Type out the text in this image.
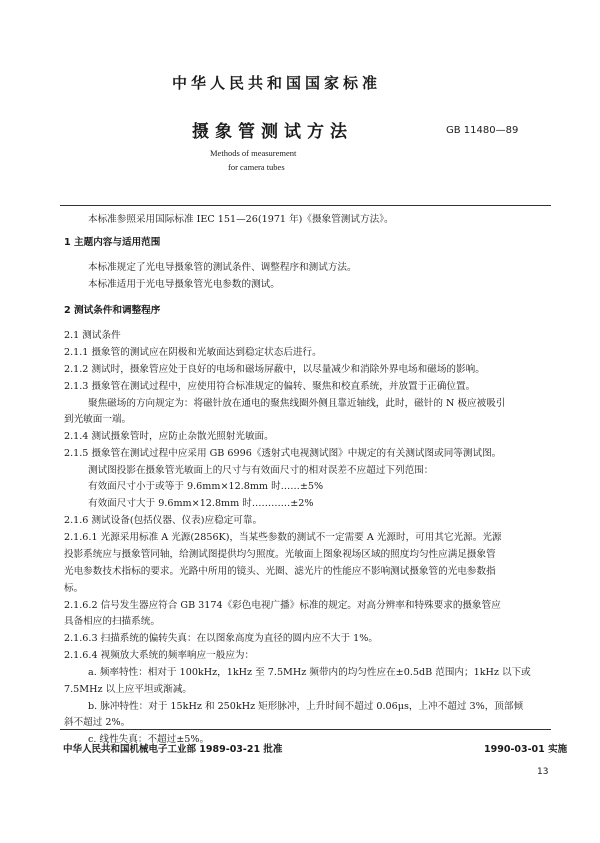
中华人民共和国国家标准
摄象管测试方法	GB 11480—89
Methods of measurement
for camera tubes
本标准参照采用国际标准 IEC 151—26(1971 年)《摄象管测试方法》。
1 主题内容与适用范围
本标准规定了光电导摄象管的测试条件、调整程序和测试方法。
本标准适用于光电导摄象管光电参数的测试。
2 测试条件和调整程序
2.1 测试条件
2.1.1 摄象管的测试应在阴极和光敏面达到稳定状态后进行。
2.1.2 测试时，摄象管应处于良好的电场和磁场屏蔽中，以尽量减少和消除外界电场和磁场的影响。
2.1.3 摄象管在测试过程中，应使用符合标准规定的偏转、聚焦和校直系统，并放置于正确位置。
聚焦磁场的方向规定为：将磁针放在通电的聚焦线圈外侧且靠近轴线，此时，磁针的 N 极应被吸引
到光敏面一端。
2.1.4 测试摄象管时，应防止杂散光照射光敏面。
2.1.5 摄象管在测试过程中应采用 GB 6996《透射式电视测试图》中规定的有关测试图或同等测试图。
测试图投影在摄象管光敏面上的尺寸与有效面尺寸的相对误差不应超过下列范围：
有效面尺寸小于或等于 9.6mm×12.8mm 时……±5%
有效面尺寸大于 9.6mm×12.8mm 时…………±2%
2.1.6 测试设备(包括仪器、仪表)应稳定可靠。
2.1.6.1 光源采用标准 A 光源(2856K)，当某些参数的测试不一定需要 A 光源时，可用其它光源。光源
投影系统应与摄象管同轴，给测试图提供均匀照度。光敏面上图象视场区域的照度均匀性应满足摄象管
光电参数技术指标的要求。光路中所用的镜头、光圈、滤光片的性能应不影响测试摄象管的光电参数指
标。
2.1.6.2 信号发生器应符合 GB 3174《彩色电视广播》标准的规定。对高分辨率和特殊要求的摄象管应
具备相应的扫描系统。
2.1.6.3 扫描系统的偏转失真：在以图象高度为直径的圆内应不大于 1%。
2.1.6.4 视频放大系统的频率响应一般应为：
a. 频率特性：相对于 100kHz，1kHz 至 7.5MHz 频带内的均匀性应在±0.5dB 范围内；1kHz 以下或
7.5MHz 以上应平坦或渐减。
b. 脉冲特性：对于 15kHz 和 250kHz 矩形脉冲，上升时间不超过 0.06μs，上冲不超过 3%，顶部倾
斜不超过 2%。
c. 线性失真：不超过±5%。
中华人民共和国机械电子工业部 1989-03-21 批准	1990-03-01 实施
13
